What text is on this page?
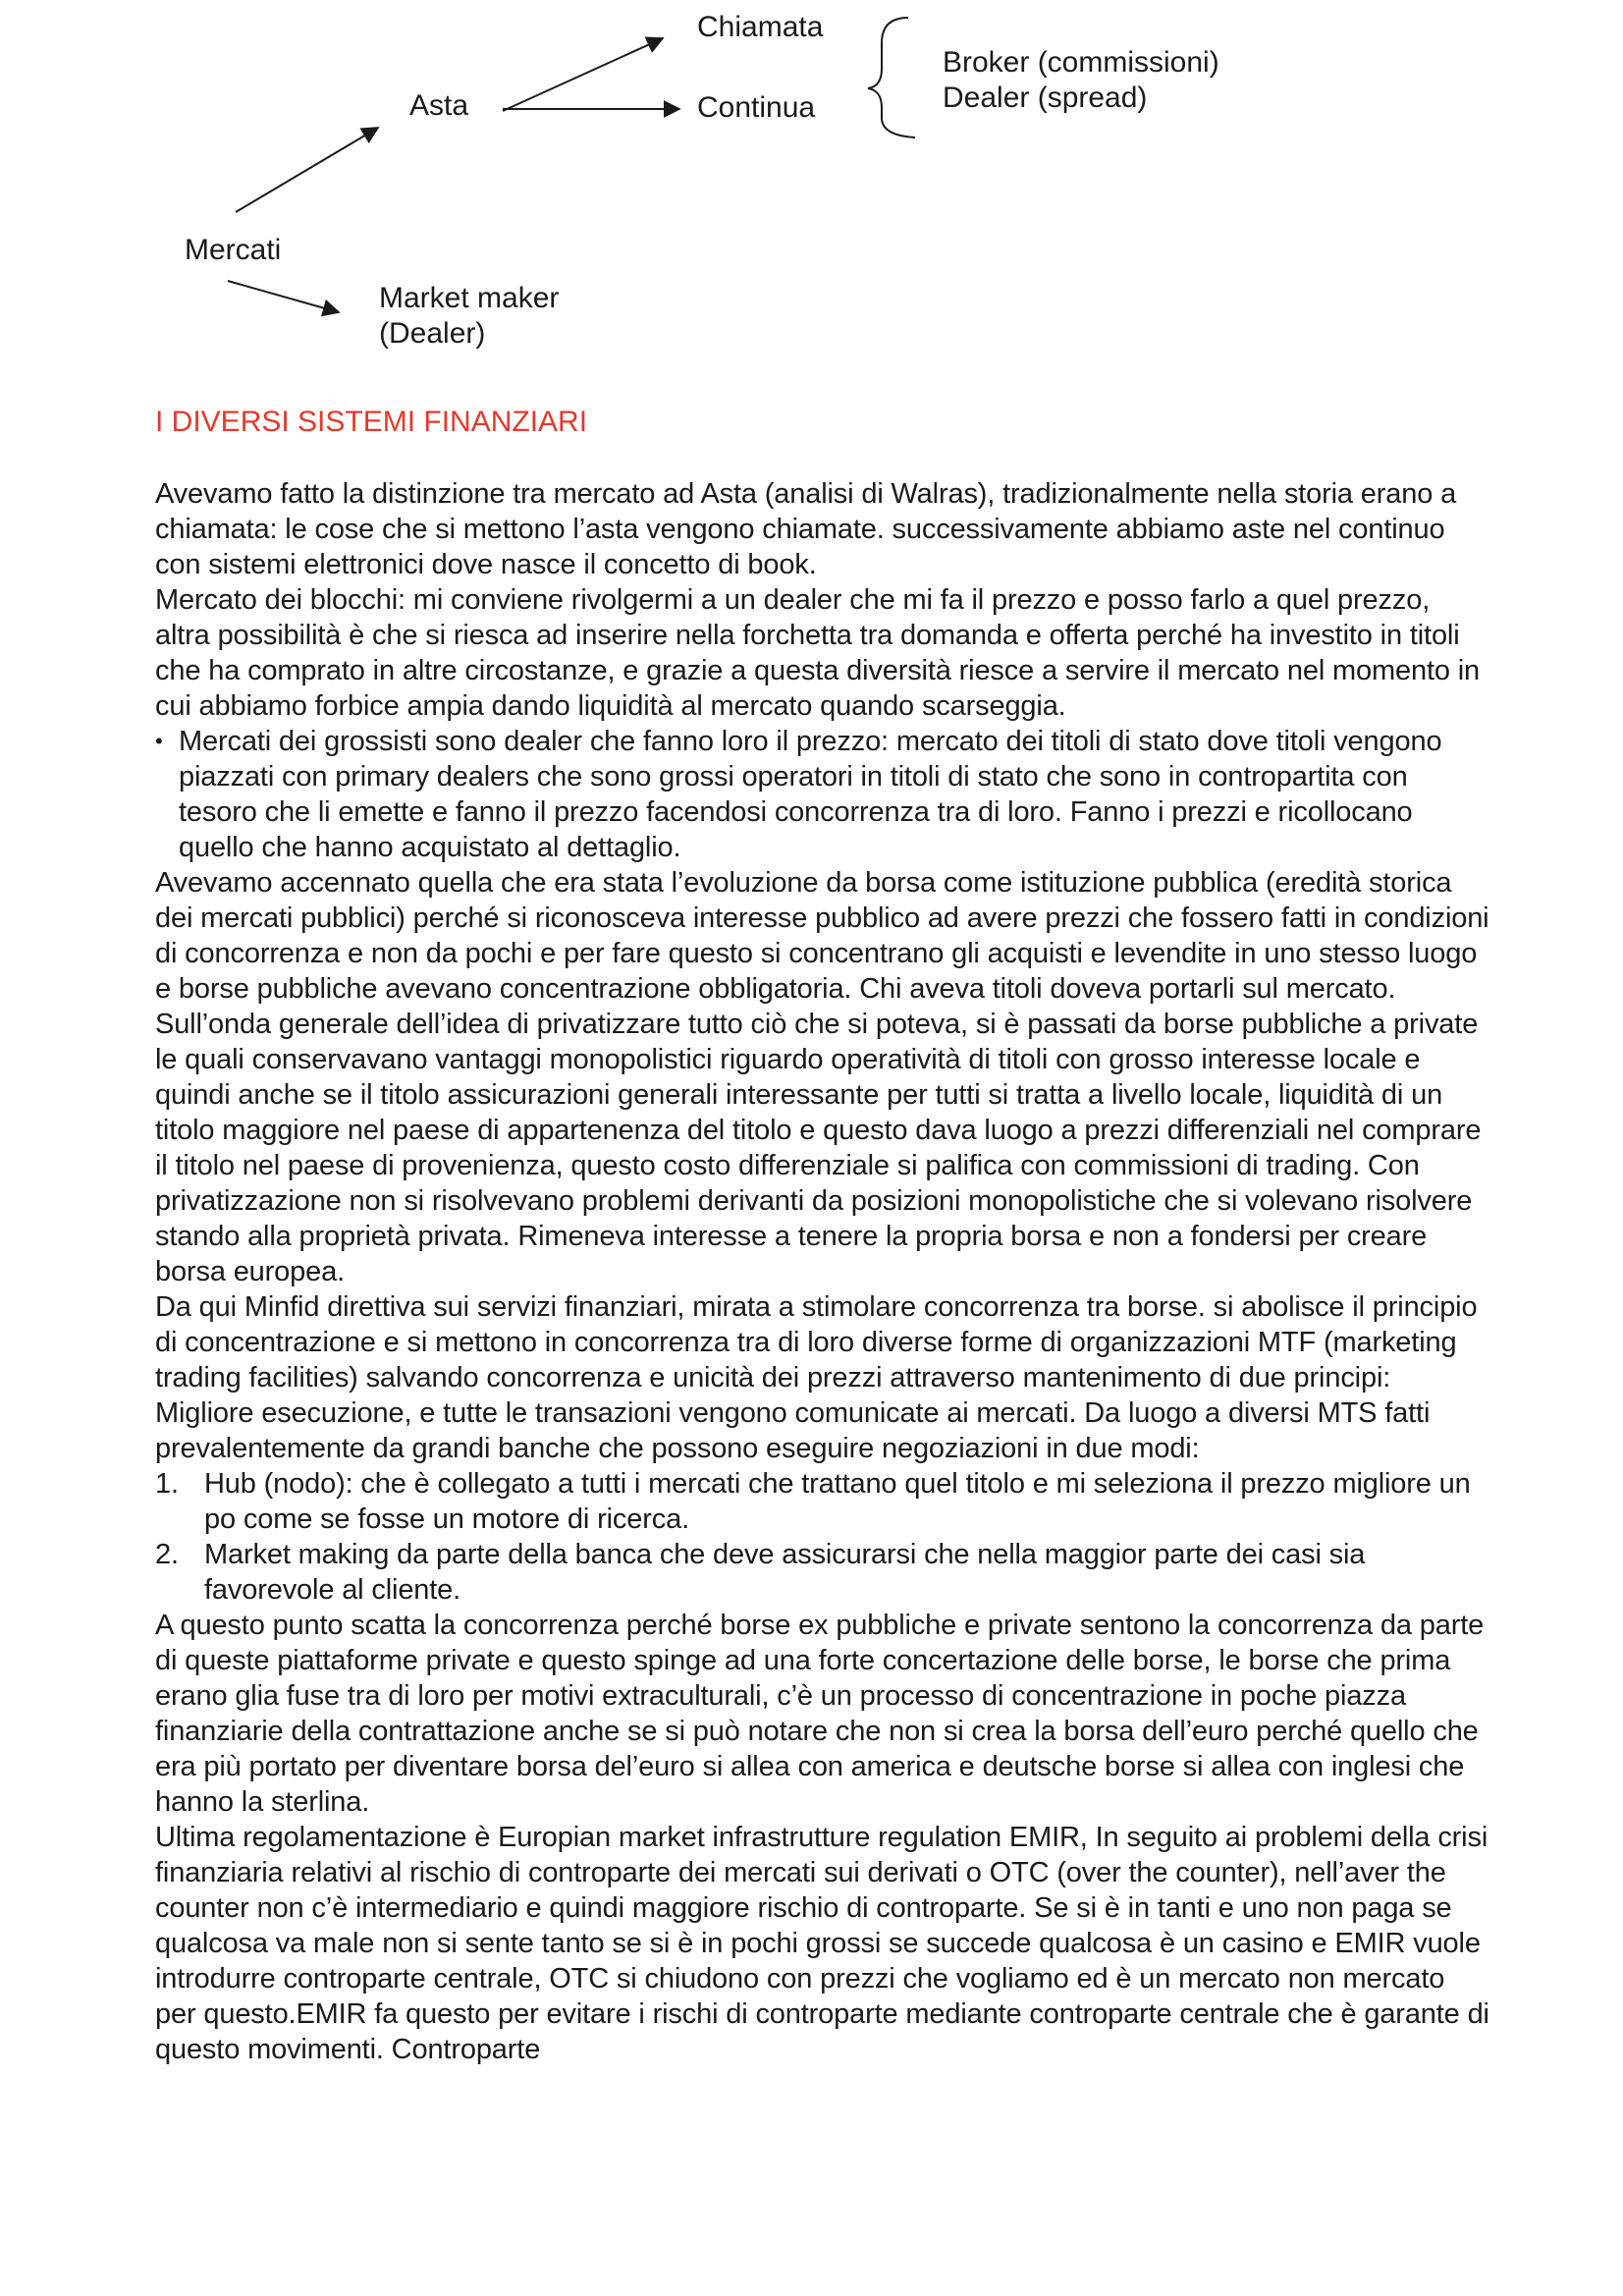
Chiamata
Asta	Continua
Broker (commissioni)
Dealer (spread)
Mercati
Market maker
(Dealer)
I DIVERSI SISTEMI FINANZIARI

Avevamo fatto la distinzione tra mercato ad Asta (analisi di Walras), tradizionalmente nella storia erano a chiamata: le cose che si mettono l’asta vengono chiamate. successivamente abbiamo aste nel continuo con sistemi elettronici dove nasce il concetto di book.

Mercato dei blocchi: mi conviene rivolgermi a un dealer che mi fa il prezzo e posso farlo a quel prezzo, altra possibilità è che si riesca ad inserire nella forchetta tra domanda e offerta perché ha investito in titoli che ha comprato in altre circostanze, e grazie a questa diversità riesce a servire il mercato nel momento in cui abbiamo forbice ampia dando liquidità al mercato quando scarseggia.

• Mercati dei grossisti sono dealer che fanno loro il prezzo: mercato dei titoli di stato dove titoli vengono piazzati con primary dealers che sono grossi operatori in titoli di stato che sono in contropartita con tesoro che li emette e fanno il prezzo facendosi concorrenza tra di loro. Fanno i prezzi e ricollocano quello che hanno acquistato al dettaglio.

Avevamo accennato quella che era stata l’evoluzione da borsa come istituzione pubblica (eredità storica dei mercati pubblici) perché si riconosceva interesse pubblico ad avere prezzi che fossero fatti in condizioni di concorrenza e non da pochi e per fare questo si concentrano gli acquisti e levendite in uno stesso luogo e borse pubbliche avevano concentrazione obbligatoria. Chi aveva titoli doveva portarli sul mercato. Sull’onda generale dell’idea di privatizzare tutto ciò che si poteva, si è passati da borse pubbliche a private le quali conservavano vantaggi monopolistici riguardo operatività di titoli con grosso interesse locale e quindi anche se il titolo assicurazioni generali interessante per tutti si tratta a livello locale, liquidità di un titolo maggiore nel paese di appartenenza del titolo e questo dava luogo a prezzi differenziali nel comprare il titolo nel paese di provenienza, questo costo differenziale si palifica con commissioni di trading. Con privatizzazione non si risolvevano problemi derivanti da posizioni monopolistiche che si volevano risolvere stando alla proprietà privata. Rimeneva interesse a tenere la propria borsa e non a fondersi per creare borsa europea.

Da qui Minfid direttiva sui servizi finanziari, mirata a stimolare concorrenza tra borse. si abolisce il principio di concentrazione e si mettono in concorrenza tra di loro diverse forme di organizzazioni MTF (marketing trading facilities) salvando concorrenza e unicità dei prezzi attraverso mantenimento di due principi: Migliore esecuzione, e tutte le transazioni vengono comunicate ai mercati. Da luogo a diversi MTS fatti prevalentemente da grandi banche che possono eseguire negoziazioni in due modi:

1. Hub (nodo): che è collegato a tutti i mercati che trattano quel titolo e mi seleziona il prezzo migliore un po come se fosse un motore di ricerca.
2. Market making da parte della banca che deve assicurarsi che nella maggior parte dei casi sia favorevole al cliente.

A questo punto scatta la concorrenza perché borse ex pubbliche e private sentono la concorrenza da parte di queste piattaforme private e questo spinge ad una forte concertazione delle borse, le borse che prima erano glia fuse tra di loro per motivi extraculturali, c’è un processo di concentrazione in poche piazza finanziarie della contrattazione anche se si può notare che non si crea la borsa dell’euro perché quello che era più portato per diventare borsa del’euro si allea con america e deutsche borse si allea con inglesi che hanno la sterlina.

Ultima regolamentazione è Europian market infrastrutture regulation EMIR, In seguito ai problemi della crisi finanziaria relativi al rischio di controparte dei mercati sui derivati o OTC (over the counter), nell’aver the counter non c’è intermediario e quindi maggiore rischio di controparte. Se si è in tanti e uno non paga se qualcosa va male non si sente tanto se si è in pochi grossi se succede qualcosa è un casino e EMIR vuole introdurre controparte centrale, OTC si chiudono con prezzi che vogliamo ed è un mercato non mercato per questo.EMIR fa questo per evitare i rischi di controparte mediante controparte centrale che è garante di questo movimenti. Controparte
